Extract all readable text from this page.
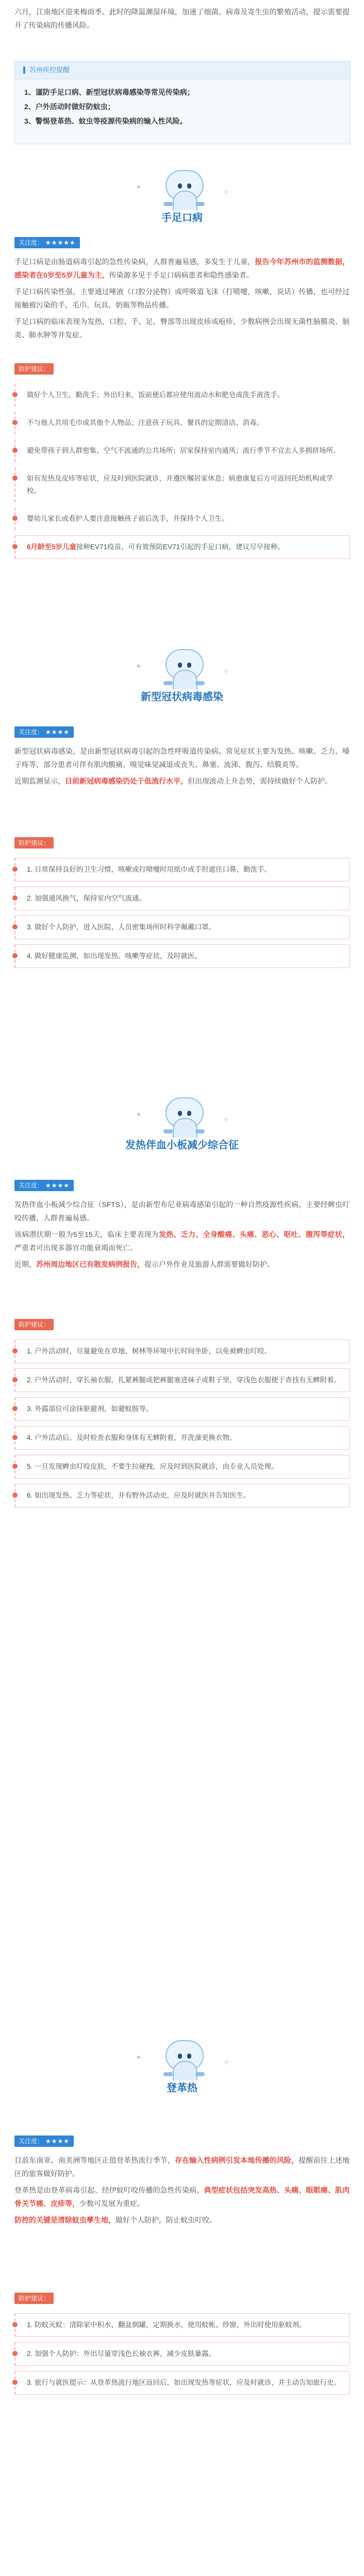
六月，江南地区迎来梅雨季。此时的降温潮湿环境，加速了细菌、病毒及寄生虫的繁殖活动，提示需要提升了传染病的传播风险。

苏州疾控提醒
1、谨防手足口病、新型冠状病毒感染等常见传染病；
2、户外活动时做好防蚊虫；
3、警惕登革热、蚊虫等疫源传染病的输入性风险。
✦
✧
手足口病
关注度： ★★★★★

手足口病是由肠道病毒引起的急性传染病，人群普遍易感，多发生于儿童，报告今年苏州市的监测数据，感染者在0岁至5岁儿童为主，传染源多见于手足口病病患者和隐性感染者。

手足口病传染性强，主要通过唾液（口腔分泌物）或呼吸道飞沫（打喷嚏，咳嗽，说话）传播，也可经过接触被污染的手、毛巾、玩具、奶瓶等物品传播。

手足口病的临床表现为发热，口腔、手、足、臀部等出现皮疹或疱疹，少数病例会出现无菌性脑膜炎、脑炎、肺水肿等并发症。

防护建议：
做好个人卫生，勤洗手；外出归来，饭前便后都应使用流动水和肥皂或洗手液洗手。
不与他人共用毛巾或其他个人物品；注意孩子玩具、餐具的定期清洁、消毒。
避免带孩子到人群密集、空气不流通的公共场所；居家保持室内通风；流行季节不宜去人多拥挤场所。
如有发热及皮疹等症状，应及时到医院就诊，并遵医嘱居家休息；病愈康复后方可返回托幼机构或学校。
婴幼儿家长或看护人要注意接触孩子前后洗手，并保持个人卫生。
6月龄至5岁儿童接种EV71疫苗，可有效预防EV71引起的手足口病，建议尽早接种。
✦
✧
新型冠状病毒感染
关注度： ★★★★

新型冠状病毒感染，是由新型冠状病毒引起的急性呼吸道传染病。常见症状主要为发热、咳嗽、乏力、嗓子疼等，部分患者可伴有肌肉酸痛、嗅觉味觉减退或丧失、鼻塞、流涕、腹泻、结膜炎等。

近期监测显示，目前新冠病毒感染仍处于低流行水平，但出现波动上升态势，需持续做好个人防护。

防护建议：
1. 日常保持良好的卫生习惯，咳嗽或打喷嚏时用纸巾或手肘遮住口鼻，勤洗手。
2. 加强通风换气，保持室内空气流通。
3. 做好个人防护，进入医院、人员密集场所时科学佩戴口罩。
4. 做好健康监测，如出现发热、咳嗽等症状，及时就医。
✦
✧
发热伴血小板减少综合征
关注度： ★★★★

发热伴血小板减少综合征（SFTS），是由新型布尼亚病毒感染引起的一种自然疫源性疾病，主要经蜱虫叮咬传播，人群普遍易感。

该病潜伏期一般为5至15天，临床主要表现为发热、乏力、全身酸痛、头痛、恶心、呕吐、腹泻等症状，严重者可出现多器官功能衰竭而死亡。

近期，苏州周边地区已有散发病例报告，提示户外作业及旅游人群需要做好防护。

防护建议：
1. 户外活动时，尽量避免在草地、树林等环境中长时间坐卧，以免被蜱虫叮咬。
2. 户外活动时，穿长袖衣服，扎紧裤腿或把裤腿塞进袜子或鞋子里，穿浅色衣服便于查找有无蜱附着。
3. 外露部位可涂抹驱避剂，如避蚊胺等。
4. 户外活动后，及时检查衣服和身体有无蜱附着，并洗澡更换衣物。
5. 一旦发现蜱虫叮咬皮肤，不要生拉硬拽，应及时到医院就诊，由专业人员处理。
6. 如出现发热、乏力等症状，并有野外活动史，应及时就医并告知医生。
✦
✧
登革热
关注度： ★★★★

目前东南亚、南美洲等地区正值登革热流行季节，存在输入性病例引发本地传播的风险，提醒前往上述地区的旅客做好防护。

登革热是由登革病毒引起、经伊蚊叮咬传播的急性传染病，典型症状包括突发高热、头痛、眼眶痛、肌肉骨关节痛、皮疹等，少数可发展为重症。

防控的关键是清除蚊虫孳生地，做好个人防护，防止蚊虫叮咬。

防护建议：
1. 防蚊灭蚊：清除家中积水，翻盆倒罐，定期换水，使用蚊帐、纱窗，外出时使用驱蚊剂。
2. 加强个人防护：外出尽量穿浅色长袖衣裤，减少皮肤暴露。
3. 旅行与就医提示：从登革热流行地区返回后，如出现发热等症状，应及时就诊，并主动告知旅行史。
